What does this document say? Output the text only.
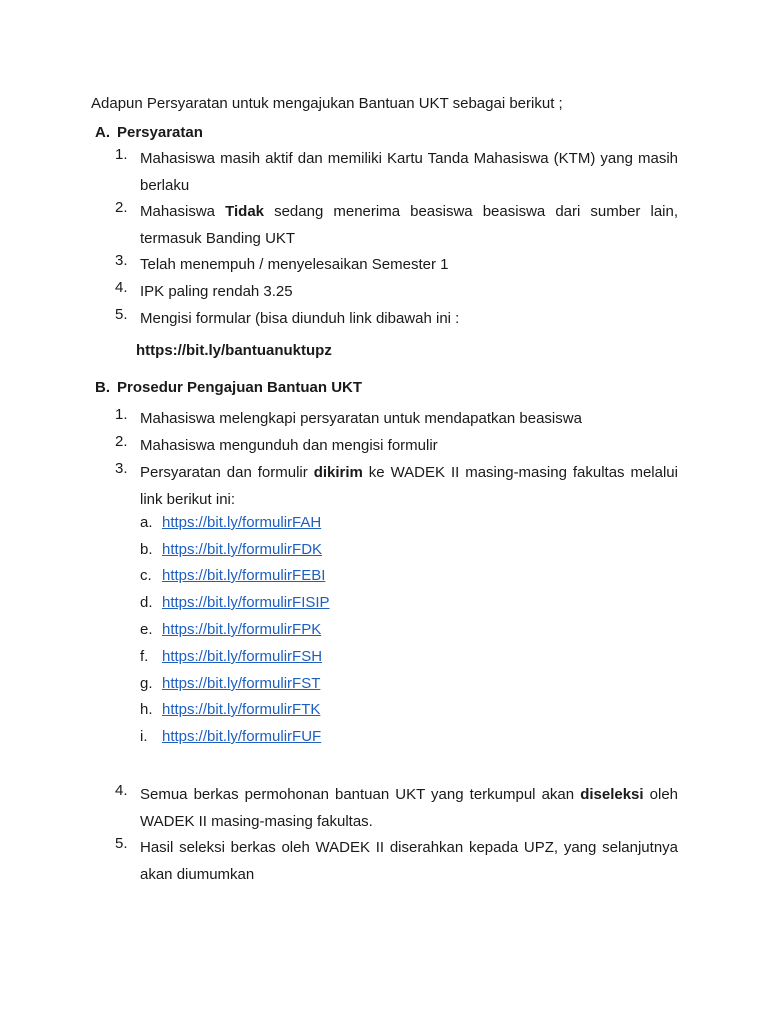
Adapun Persyaratan untuk mengajukan Bantuan UKT sebagai berikut ;
A. Persyaratan
1. Mahasiswa masih aktif dan memiliki Kartu Tanda Mahasiswa (KTM) yang masih berlaku
2. Mahasiswa Tidak sedang menerima beasiswa beasiswa dari sumber lain, termasuk Banding UKT
3. Telah menempuh / menyelesaikan Semester 1
4. IPK paling rendah 3.25
5. Mengisi formular (bisa diunduh link dibawah ini :
https://bit.ly/bantuanuktupz
B. Prosedur Pengajuan Bantuan UKT
1. Mahasiswa melengkapi persyaratan untuk mendapatkan beasiswa
2. Mahasiswa mengunduh dan mengisi formulir
3. Persyaratan dan formulir dikirim ke WADEK II masing-masing fakultas melalui link berikut ini:
a. https://bit.ly/formulirFAH
b. https://bit.ly/formulirFDK
c. https://bit.ly/formulirFEBI
d. https://bit.ly/formulirFISIP
e. https://bit.ly/formulirFPK
f. https://bit.ly/formulirFSH
g. https://bit.ly/formulirFST
h. https://bit.ly/formulirFTK
i. https://bit.ly/formulirFUF
4. Semua berkas permohonan bantuan UKT yang terkumpul akan diseleksi oleh WADEK II masing-masing fakultas.
5. Hasil seleksi berkas oleh WADEK II diserahkan kepada UPZ, yang selanjutnya akan diumumkan
